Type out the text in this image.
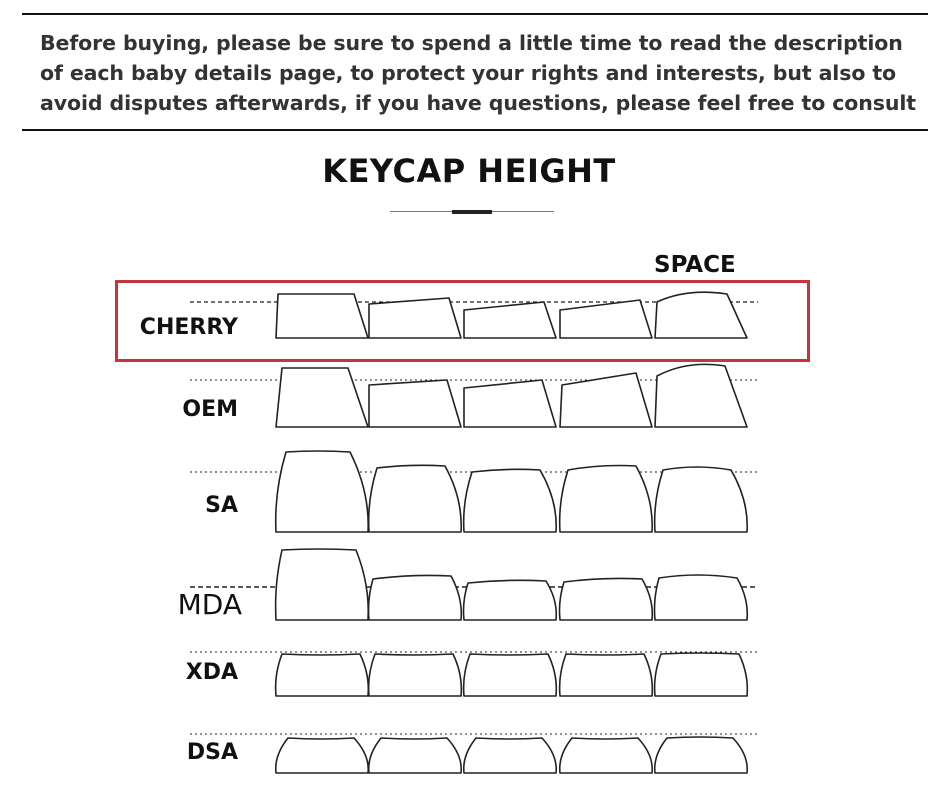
Before buying, please be sure to spend a little time to read the description of each baby details page, to protect your rights and interests, but also to avoid disputes afterwards, if you have questions, please feel free to consult
KEYCAP HEIGHT
SPACE
CHERRY
OEM
SA
MDA
XDA
DSA
